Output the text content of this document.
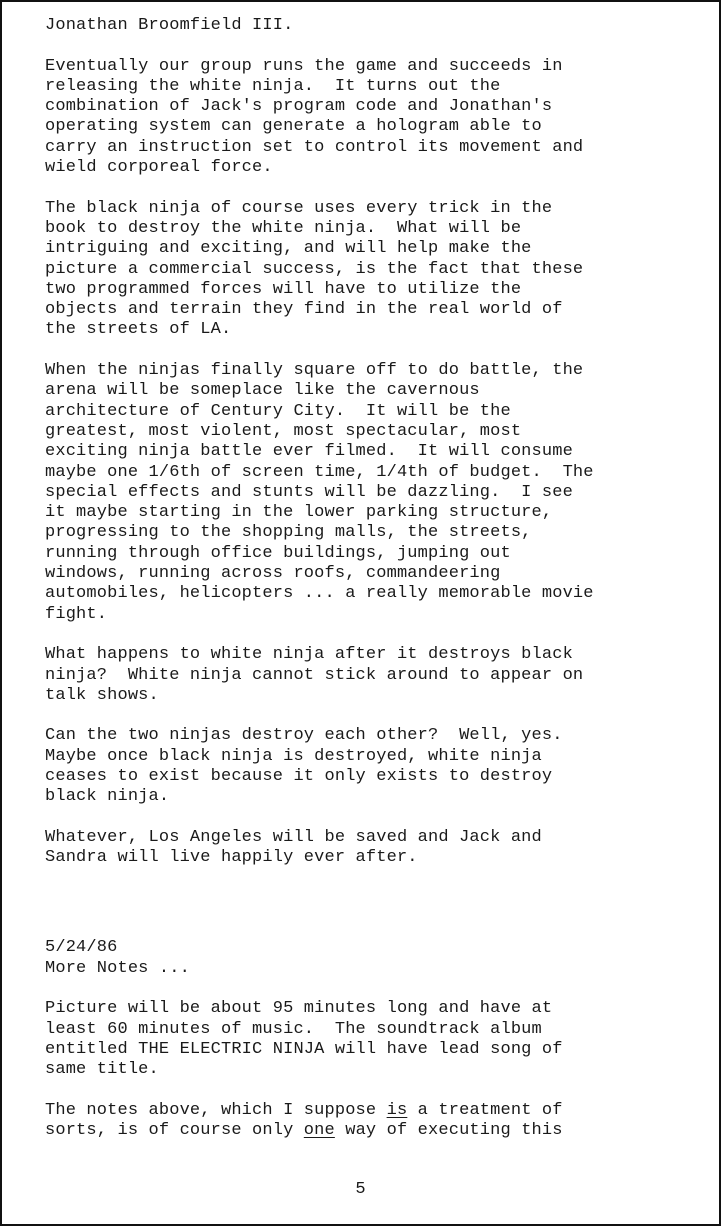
Jonathan Broomfield III.
Eventually our group runs the game and succeeds in
releasing the white ninja.  It turns out the
combination of Jack's program code and Jonathan's
operating system can generate a hologram able to
carry an instruction set to control its movement and
wield corporeal force.
The black ninja of course uses every trick in the
book to destroy the white ninja.  What will be
intriguing and exciting, and will help make the
picture a commercial success, is the fact that these
two programmed forces will have to utilize the
objects and terrain they find in the real world of
the streets of LA.
When the ninjas finally square off to do battle, the
arena will be someplace like the cavernous
architecture of Century City.  It will be the
greatest, most violent, most spectacular, most
exciting ninja battle ever filmed.  It will consume
maybe one 1/6th of screen time, 1/4th of budget.  The
special effects and stunts will be dazzling.  I see
it maybe starting in the lower parking structure,
progressing to the shopping malls, the streets,
running through office buildings, jumping out
windows, running across roofs, commandeering
automobiles, helicopters ... a really memorable movie
fight.
What happens to white ninja after it destroys black
ninja?  White ninja cannot stick around to appear on
talk shows.
Can the two ninjas destroy each other?  Well, yes.
Maybe once black ninja is destroyed, white ninja
ceases to exist because it only exists to destroy
black ninja.
Whatever, Los Angeles will be saved and Jack and
Sandra will live happily ever after.
5/24/86
More Notes ...
Picture will be about 95 minutes long and have at
least 60 minutes of music.  The soundtrack album
entitled THE ELECTRIC NINJA will have lead song of
same title.
The notes above, which I suppose is a treatment of
sorts, is of course only one way of executing this
5
